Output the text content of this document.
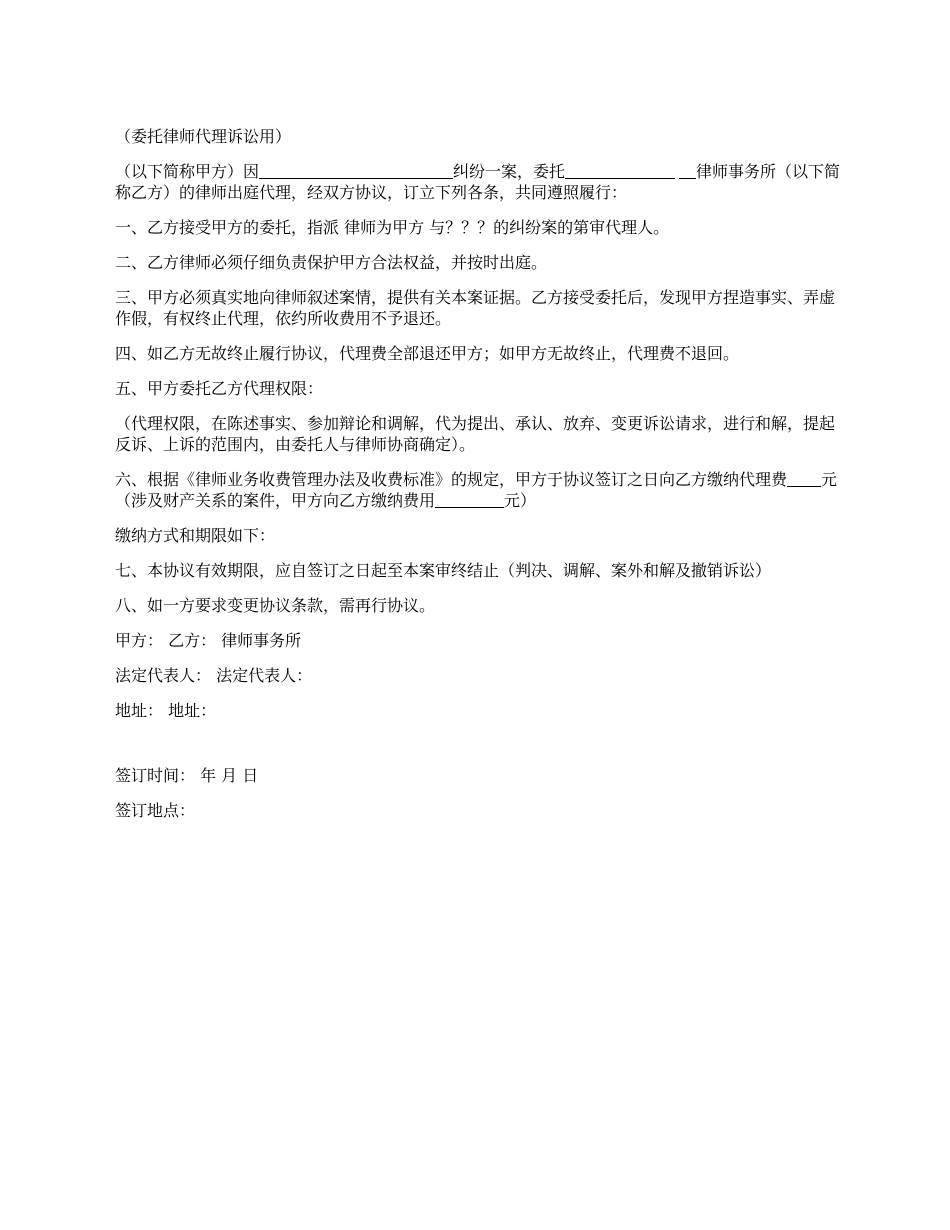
（委托律师代理诉讼用）

（以下简称甲方）因	纠纷一案，委托	律师事务所（以下简称乙方）的律师出庭代理，经双方协议，订立下列各条，共同遵照履行：

一、乙方接受甲方的委托，指派 律师为甲方 与？？？的纠纷案的第审代理人。

二、乙方律师必须仔细负责保护甲方合法权益，并按时出庭。

三、甲方必须真实地向律师叙述案情，提供有关本案证据。乙方接受委托后，发现甲方捏造事实、弄虚作假，有权终止代理，依约所收费用不予退还。

四、如乙方无故终止履行协议，代理费全部退还甲方；如甲方无故终止，代理费不退回。

五、甲方委托乙方代理权限：

（代理权限，在陈述事实、参加辩论和调解，代为提出、承认、放弃、变更诉讼请求，进行和解，提起反诉、上诉的范围内，由委托人与律师协商确定）。

六、根据《律师业务收费管理办法及收费标准》的规定，甲方于协议签订之日向乙方缴纳代理费 元（涉及财产关系的案件，甲方向乙方缴纳费用	元）

缴纳方式和期限如下：

七、本协议有效期限，应自签订之日起至本案审终结止（判决、调解、案外和解及撤销诉讼）

八、如一方要求变更协议条款，需再行协议。

甲方： 乙方： 律师事务所

法定代表人： 法定代表人：

地址： 地址：

签订时间： 年 月 日

签订地点：
